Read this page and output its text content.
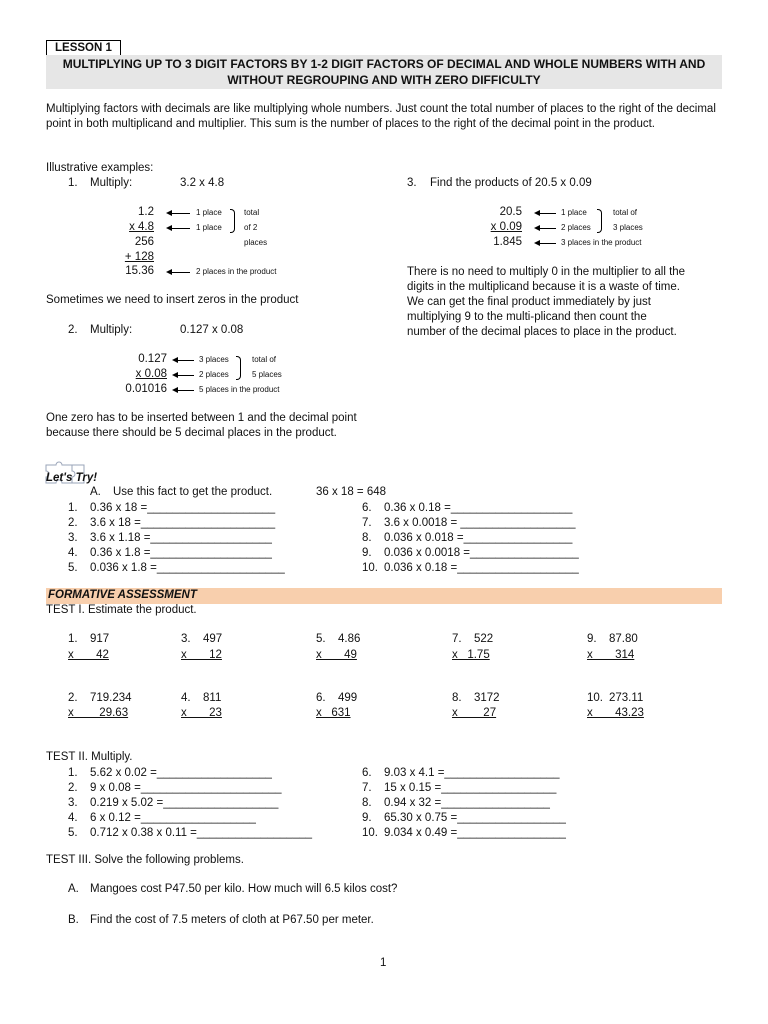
LESSON 1
MULTIPLYING UP TO 3 DIGIT FACTORS BY 1-2 DIGIT FACTORS OF DECIMAL AND WHOLE NUMBERS WITH AND WITHOUT REGROUPING AND WITH ZERO DIFFICULTY
Multiplying factors with decimals are like multiplying whole numbers. Just count the total number of places to the right of the decimal point in both multiplicand and multiplier. This sum is the number of places to the right of the decimal point in the product.
Illustrative examples:
1. Multiply:	3.2 x 4.8
1.2
x 4.8
256
+ 128
15.36
1 place
1 place
2 places in the product
total
of 2
places
Sometimes we need to insert zeros in the product
2. Multiply:	0.127 x 0.08
0.127
x 0.08
0.01016
3 places
2 places
5 places in the product
total of
5 places
One zero has to be inserted between 1 and the decimal point because there should be 5 decimal places in the product.
3. Find the products of 20.5 x 0.09
20.5
x 0.09
1.845
1 place
2 places
3 places in the product
total of
3 places
There is no need to multiply 0 in the multiplier to all the digits in the multiplicand because it is a waste of time. We can get the final product immediately by just multiplying 9 to the multi-plicand then count the number of the decimal places to place in the product.
Let's Try!
A. Use this fact to get the product.	36 x 18 = 648
1. 0.36 x 18 =____________________
2. 3.6 x 18 =_____________________
3. 3.6 x 1.18 =___________________
4. 0.36 x 1.8 =___________________
5. 0.036 x 1.8 =____________________
6. 0.36 x 0.18 =___________________
7. 3.6 x 0.0018 = __________________
8. 0.036 x 0.018 =_________________
9. 0.036 x 0.0018 =_________________
10. 0.036 x 0.18 =___________________
FORMATIVE ASSESSMENT
TEST I. Estimate the product.
1. 917
x       42
3. 497
x       12
5. 4.86
x       49
7. 522
x   1.75
9. 87.80
x       314
2. 719.234
x        29.63
4. 811
x       23
6. 499
x   631
8. 3172
x        27
10. 273.11
x       43.23
TEST II. Multiply.
1. 5.62 x 0.02 =__________________
2. 9 x 0.08 =______________________
3. 0.219 x 5.02 =__________________
4. 6 x 0.12 =__________________
5. 0.712 x 0.38 x 0.11 =__________________
6. 9.03 x 4.1 =__________________
7. 15 x 0.15 =__________________
8. 0.94 x 32 =_________________
9. 65.30 x 0.75 =_________________
10. 9.034 x 0.49 =_________________
TEST III. Solve the following problems.
A. Mangoes cost P47.50 per kilo. How much will 6.5 kilos cost?
B. Find the cost of 7.5 meters of cloth at P67.50 per meter.
1
